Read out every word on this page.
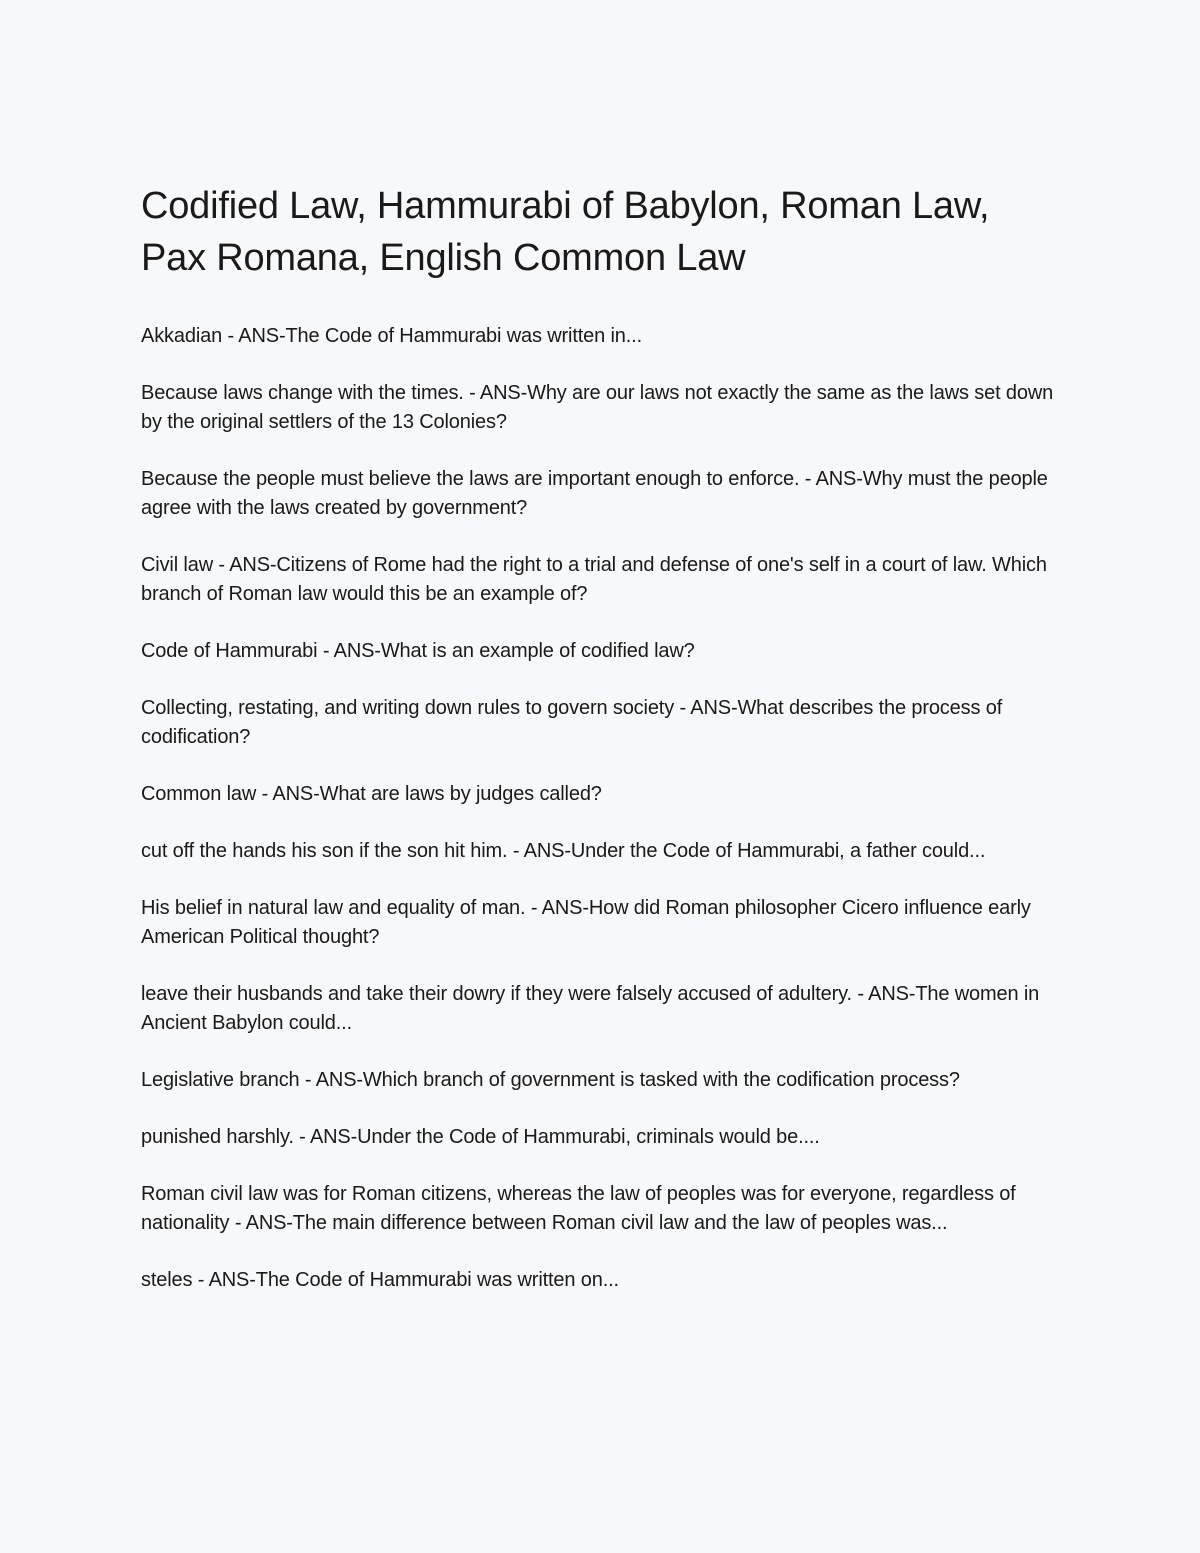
Codified Law, Hammurabi of Babylon, Roman Law, Pax Romana, English Common Law
Akkadian - ANS-The Code of Hammurabi was written in...
Because laws change with the times. - ANS-Why are our laws not exactly the same as the laws set down by the original settlers of the 13 Colonies?
Because the people must believe the laws are important enough to enforce. - ANS-Why must the people agree with the laws created by government?
Civil law - ANS-Citizens of Rome had the right to a trial and defense of one's self in a court of law. Which branch of Roman law would this be an example of?
Code of Hammurabi - ANS-What is an example of codified law?
Collecting, restating, and writing down rules to govern society - ANS-What describes the process of codification?
Common law - ANS-What are laws by judges called?
cut off the hands his son if the son hit him. - ANS-Under the Code of Hammurabi, a father could...
His belief in natural law and equality of man. - ANS-How did Roman philosopher Cicero influence early American Political thought?
leave their husbands and take their dowry if they were falsely accused of adultery. - ANS-The women in Ancient Babylon could...
Legislative branch - ANS-Which branch of government is tasked with the codification process?
punished harshly. - ANS-Under the Code of Hammurabi, criminals would be....
Roman civil law was for Roman citizens, whereas the law of peoples was for everyone, regardless of nationality - ANS-The main difference between Roman civil law and the law of peoples was...
steles - ANS-The Code of Hammurabi was written on...
